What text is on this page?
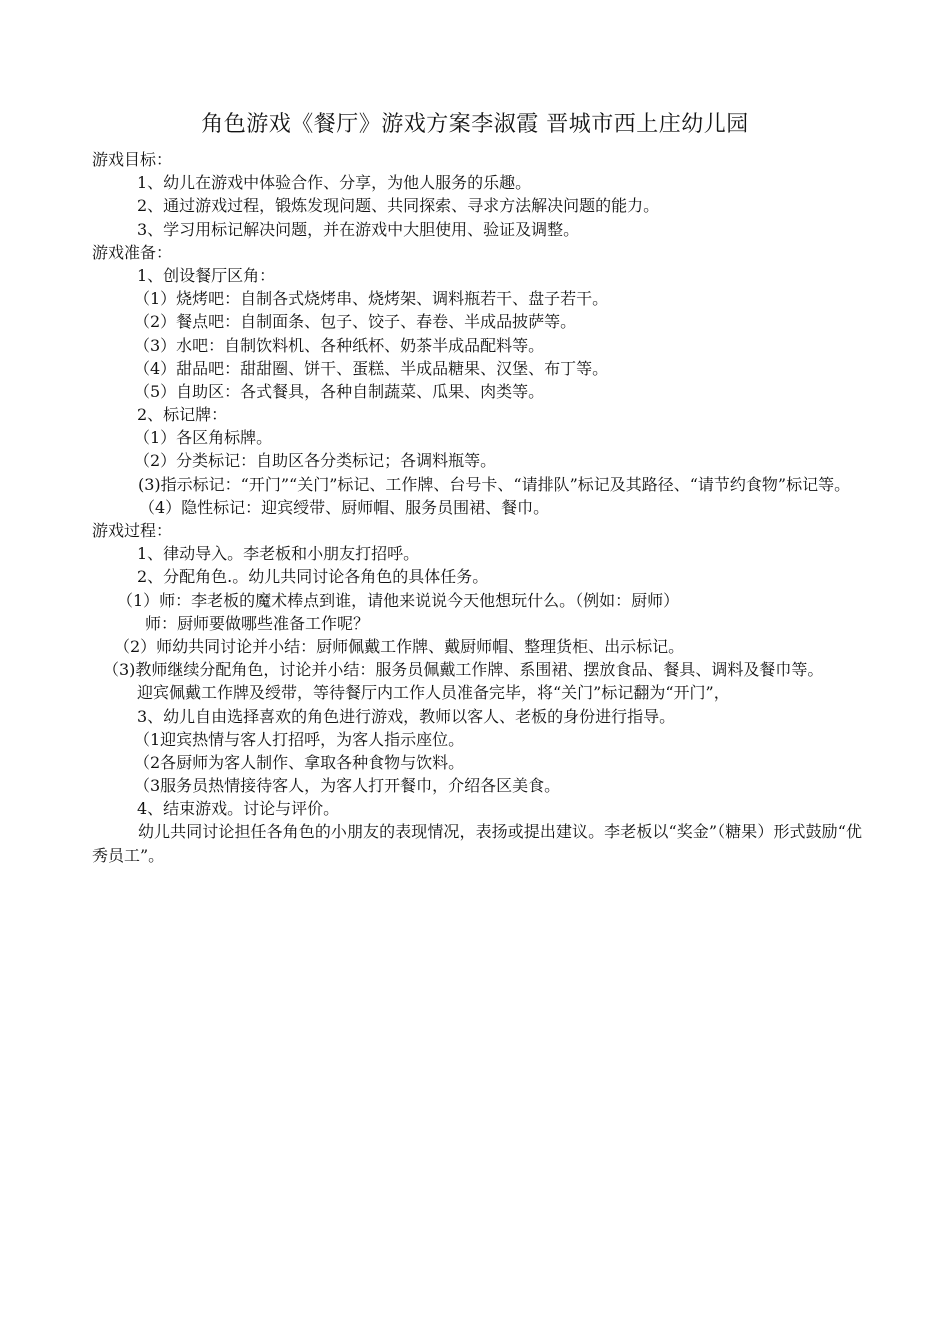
角色游戏《餐厅》游戏方案李淑霞 晋城市西上庄幼儿园
游戏目标：
1、幼儿在游戏中体验合作、分享，为他人服务的乐趣。
2、通过游戏过程，锻炼发现问题、共同探索、寻求方法解决问题的能力。
3、学习用标记解决问题，并在游戏中大胆使用、验证及调整。
游戏准备：
1、创设餐厅区角：
（1）烧烤吧：自制各式烧烤串、烧烤架、调料瓶若干、盘子若干。
（2）餐点吧：自制面条、包子、饺子、春卷、半成品披萨等。
（3）水吧：自制饮料机、各种纸杯、奶茶半成品配料等。
（4）甜品吧：甜甜圈、饼干、蛋糕、半成品糖果、汉堡、布丁等。
（5）自助区：各式餐具，各种自制蔬菜、瓜果、肉类等。
2、标记牌：
（1）各区角标牌。
（2）分类标记：自助区各分类标记；各调料瓶等。
(3)指示标记：“开门”“关门”标记、工作牌、台号卡、“请排队”标记及其路径、“请节约食物”标记等。
（4）隐性标记：迎宾绶带、厨师帽、服务员围裙、餐巾。
游戏过程：
1、律动导入。李老板和小朋友打招呼。
2、分配角色.。幼儿共同讨论各角色的具体任务。
（1）师：李老板的魔术棒点到谁，请他来说说今天他想玩什么。（例如：厨师）
师：厨师要做哪些准备工作呢？
（2）师幼共同讨论并小结：厨师佩戴工作牌、戴厨师帽、整理货柜、出示标记。
（3)教师继续分配角色，讨论并小结：服务员佩戴工作牌、系围裙、摆放食品、餐具、调料及餐巾等。
迎宾佩戴工作牌及绶带，等待餐厅内工作人员准备完毕，将“关门”标记翻为“开门”，
3、幼儿自由选择喜欢的角色进行游戏，教师以客人、老板的身份进行指导。
（1迎宾热情与客人打招呼，为客人指示座位。
（2各厨师为客人制作、拿取各种食物与饮料。
（3服务员热情接待客人，为客人打开餐巾，介绍各区美食。
4、结束游戏。讨论与评价。
幼儿共同讨论担任各角色的小朋友的表现情况，表扬或提出建议。李老板以“奖金”（糖果）形式鼓励“优秀员工”。
